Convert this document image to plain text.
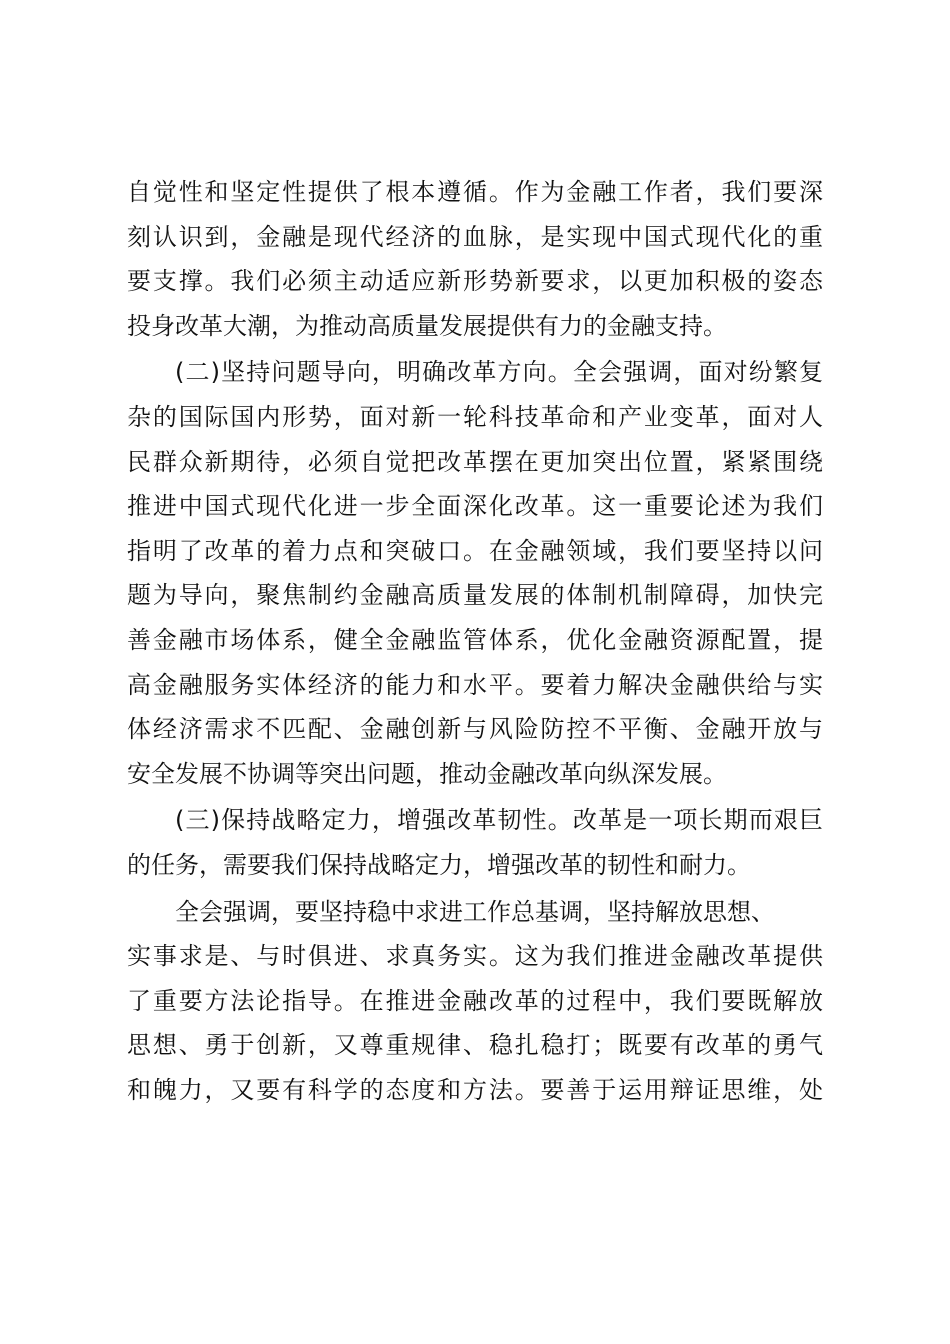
自觉性和坚定性提供了根本遵循。作为金融工作者，我们要深
刻认识到，金融是现代经济的血脉，是实现中国式现代化的重
要支撑。我们必须主动适应新形势新要求，以更加积极的姿态
投身改革大潮，为推动高质量发展提供有力的金融支持。
(二)坚持问题导向，明确改革方向。全会强调，面对纷繁复
杂的国际国内形势，面对新一轮科技革命和产业变革，面对人
民群众新期待，必须自觉把改革摆在更加突出位置，紧紧围绕
推进中国式现代化进一步全面深化改革。这一重要论述为我们
指明了改革的着力点和突破口。在金融领域，我们要坚持以问
题为导向，聚焦制约金融高质量发展的体制机制障碍，加快完
善金融市场体系，健全金融监管体系，优化金融资源配置，提
高金融服务实体经济的能力和水平。要着力解决金融供给与实
体经济需求不匹配、金融创新与风险防控不平衡、金融开放与
安全发展不协调等突出问题，推动金融改革向纵深发展。
(三)保持战略定力，增强改革韧性。改革是一项长期而艰巨
的任务，需要我们保持战略定力，增强改革的韧性和耐力。
全会强调，要坚持稳中求进工作总基调，坚持解放思想、
实事求是、与时俱进、求真务实。这为我们推进金融改革提供
了重要方法论指导。在推进金融改革的过程中，我们要既解放
思想、勇于创新，又尊重规律、稳扎稳打；既要有改革的勇气
和魄力，又要有科学的态度和方法。要善于运用辩证思维，处
